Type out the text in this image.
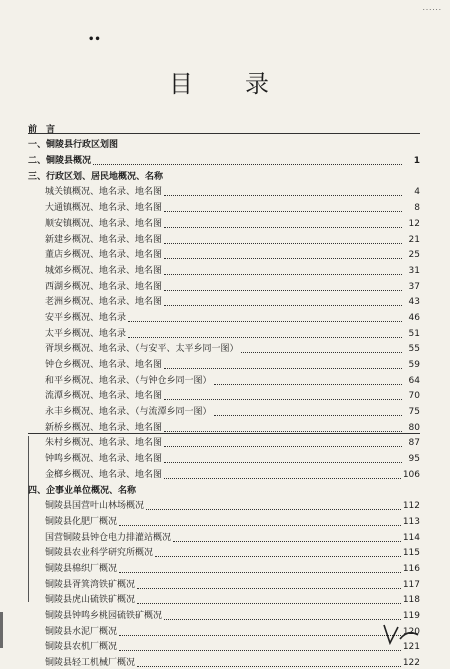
......
••
目录
前　言
一、铜陵县行政区划图
二、铜陵县概况	1
三、行政区划、居民地概况、名称
城关镇概况、地名录、地名图	4
大通镇概况、地名录、地名图	8
顺安镇概况、地名录、地名图	12
新建乡概况、地名录、地名图	21
董店乡概况、地名录、地名图	25
城郊乡概况、地名录、地名图	31
西湖乡概况、地名录、地名图	37
老洲乡概况、地名录、地名图	43
安平乡概况、地名录	46
太平乡概况、地名录	51
胥坝乡概况、地名录、（与安平、太平乡同一图）	55
钟仓乡概况、地名录、地名图	59
和平乡概况、地名录、（与钟仓乡同一图）	64
流潭乡概况、地名录、地名图	70
永丰乡概况、地名录、（与流潭乡同一图）	75
新桥乡概况、地名录、地名图	80
朱村乡概况、地名录、地名图	87
钟鸣乡概况、地名录、地名图	95
金榔乡概况、地名录、地名图	106
四、企事业单位概况、名称
铜陵县国营叶山林场概况	112
铜陵县化肥厂概况	113
国营铜陵县钟仓电力排灌站概况	114
铜陵县农业科学研究所概况	115
铜陵县棉织厂概况	116
铜陵县胥箕湾铁矿概况	117
铜陵县虎山硫铁矿概况	118
铜陵县钟鸣乡桃园硫铁矿概况	119
铜陵县水泥厂概况	120
铜陵县农机厂概况	121
铜陵县轻工机械厂概况	122
